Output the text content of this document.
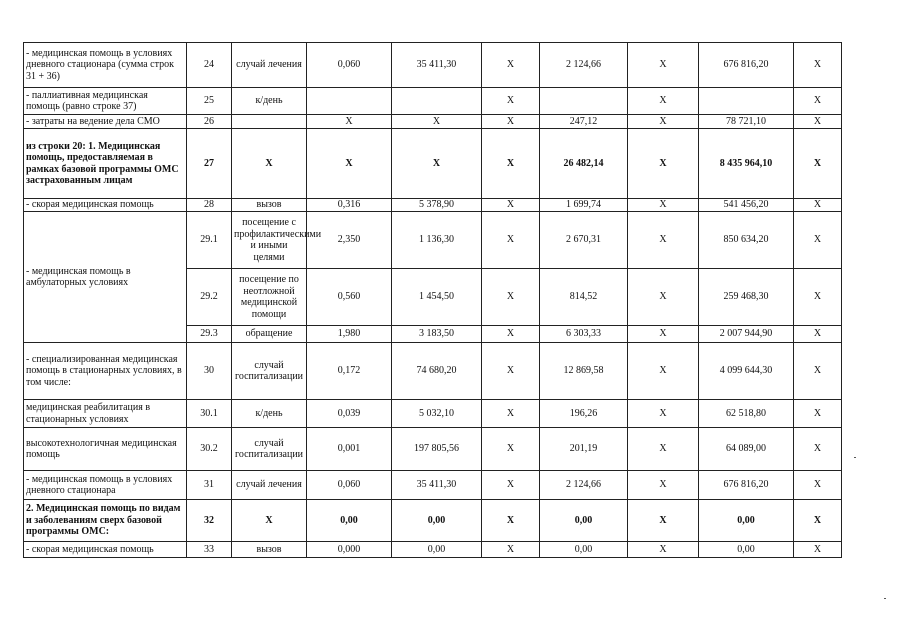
- медицинская помощь в условиях дневного стационара (сумма строк 31 + 36)	24	случай лечения	0,060	35 411,30	X	2 124,66	X	676 816,20	X
- паллиативная медицинская помощь (равно строке 37)	25	к/день			X		X		X
- затраты на ведение дела СМО	26		X	X	X	247,12	X	78 721,10	X
из строки 20: 1. Медицинская помощь, предоставляемая в рамках базовой программы ОМС застрахованным лицам	27	X	X	X	X	26 482,14	X	8 435 964,10	X
- скорая медицинская помощь	28	вызов	0,316	5 378,90	X	1 699,74	X	541 456,20	X
- медицинская помощь в амбулаторных условиях	29.1	посещение с профилактическими и иными целями	2,350	1 136,30	X	2 670,31	X	850 634,20	X
	29.2	посещение по неотложной медицинской помощи	0,560	1 454,50	X	814,52	X	259 468,30	X
	29.3	обращение	1,980	3 183,50	X	6 303,33	X	2 007 944,90	X
- специализированная медицинская помощь в стационарных условиях, в том числе:	30	случай госпитализации	0,172	74 680,20	X	12 869,58	X	4 099 644,30	X
медицинская реабилитация в стационарных условиях	30.1	к/день	0,039	5 032,10	X	196,26	X	62 518,80	X
высокотехнологичная медицинская помощь	30.2	случай госпитализации	0,001	197 805,56	X	201,19	X	64 089,00	X
- медицинская помощь в условиях дневного стационара	31	случай лечения	0,060	35 411,30	X	2 124,66	X	676 816,20	X
2. Медицинская помощь по видам и заболеваниям сверх базовой программы ОМС:	32	X	0,00	0,00	X	0,00	X	0,00	X
- скорая медицинская помощь	33	вызов	0,000	0,00	X	0,00	X	0,00	X
